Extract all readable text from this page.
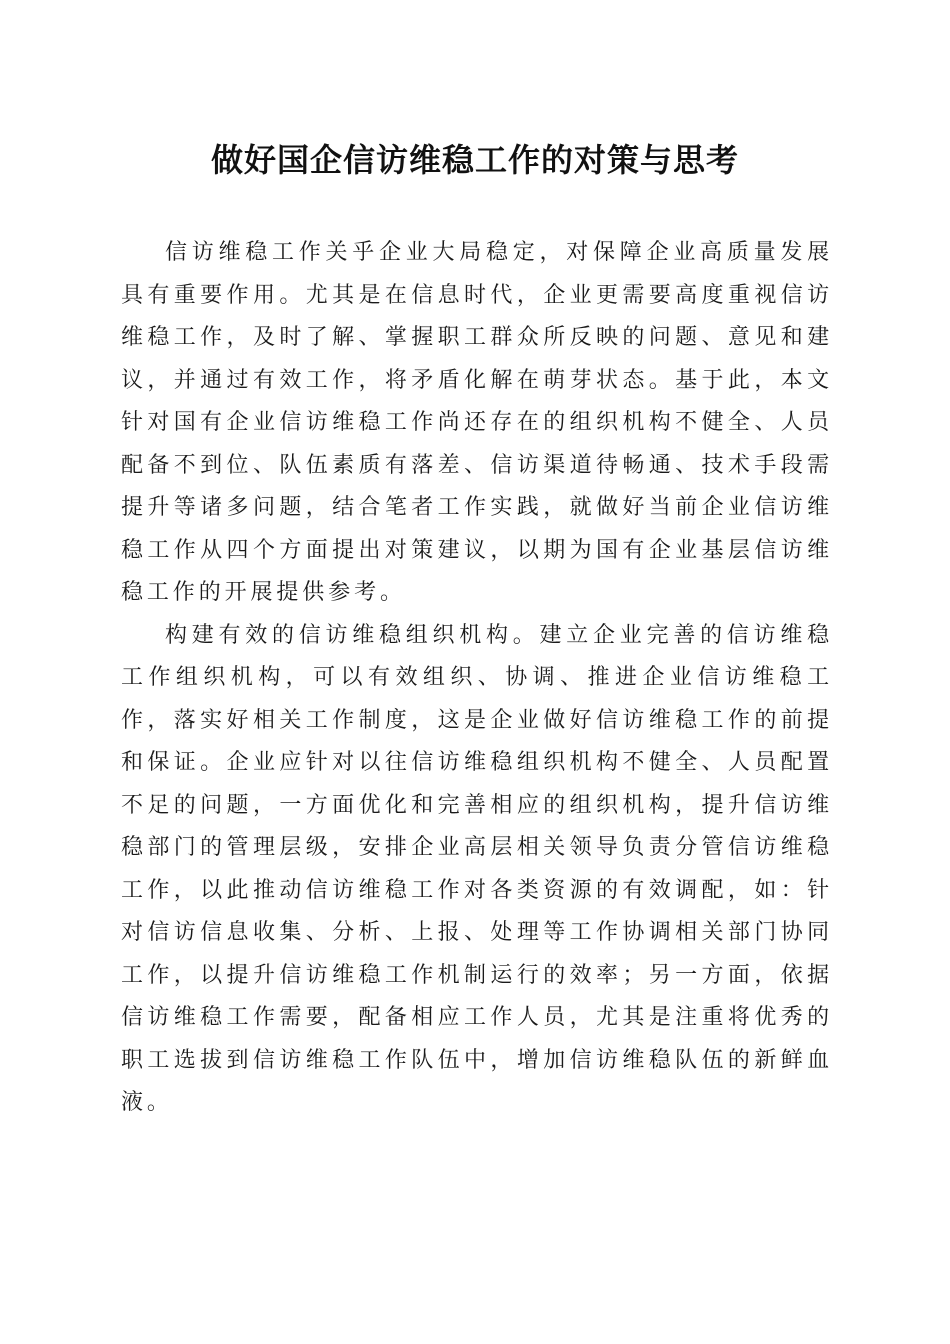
做好国企信访维稳工作的对策与思考

信访维稳工作关乎企业大局稳定，对保障企业高质量发展具有重要作用。尤其是在信息时代，企业更需要高度重视信访维稳工作，及时了解、掌握职工群众所反映的问题、意见和建议，并通过有效工作，将矛盾化解在萌芽状态。基于此，本文针对国有企业信访维稳工作尚还存在的组织机构不健全、人员配备不到位、队伍素质有落差、信访渠道待畅通、技术手段需提升等诸多问题，结合笔者工作实践，就做好当前企业信访维稳工作从四个方面提出对策建议，以期为国有企业基层信访维稳工作的开展提供参考。

构建有效的信访维稳组织机构。建立企业完善的信访维稳工作组织机构，可以有效组织、协调、推进企业信访维稳工作，落实好相关工作制度，这是企业做好信访维稳工作的前提和保证。企业应针对以往信访维稳组织机构不健全、人员配置不足的问题，一方面优化和完善相应的组织机构，提升信访维稳部门的管理层级，安排企业高层相关领导负责分管信访维稳工作，以此推动信访维稳工作对各类资源的有效调配，如：针对信访信息收集、分析、上报、处理等工作协调相关部门协同工作，以提升信访维稳工作机制运行的效率；另一方面，依据信访维稳工作需要，配备相应工作人员，尤其是注重将优秀的职工选拔到信访维稳工作队伍中，增加信访维稳队伍的新鲜血液。
